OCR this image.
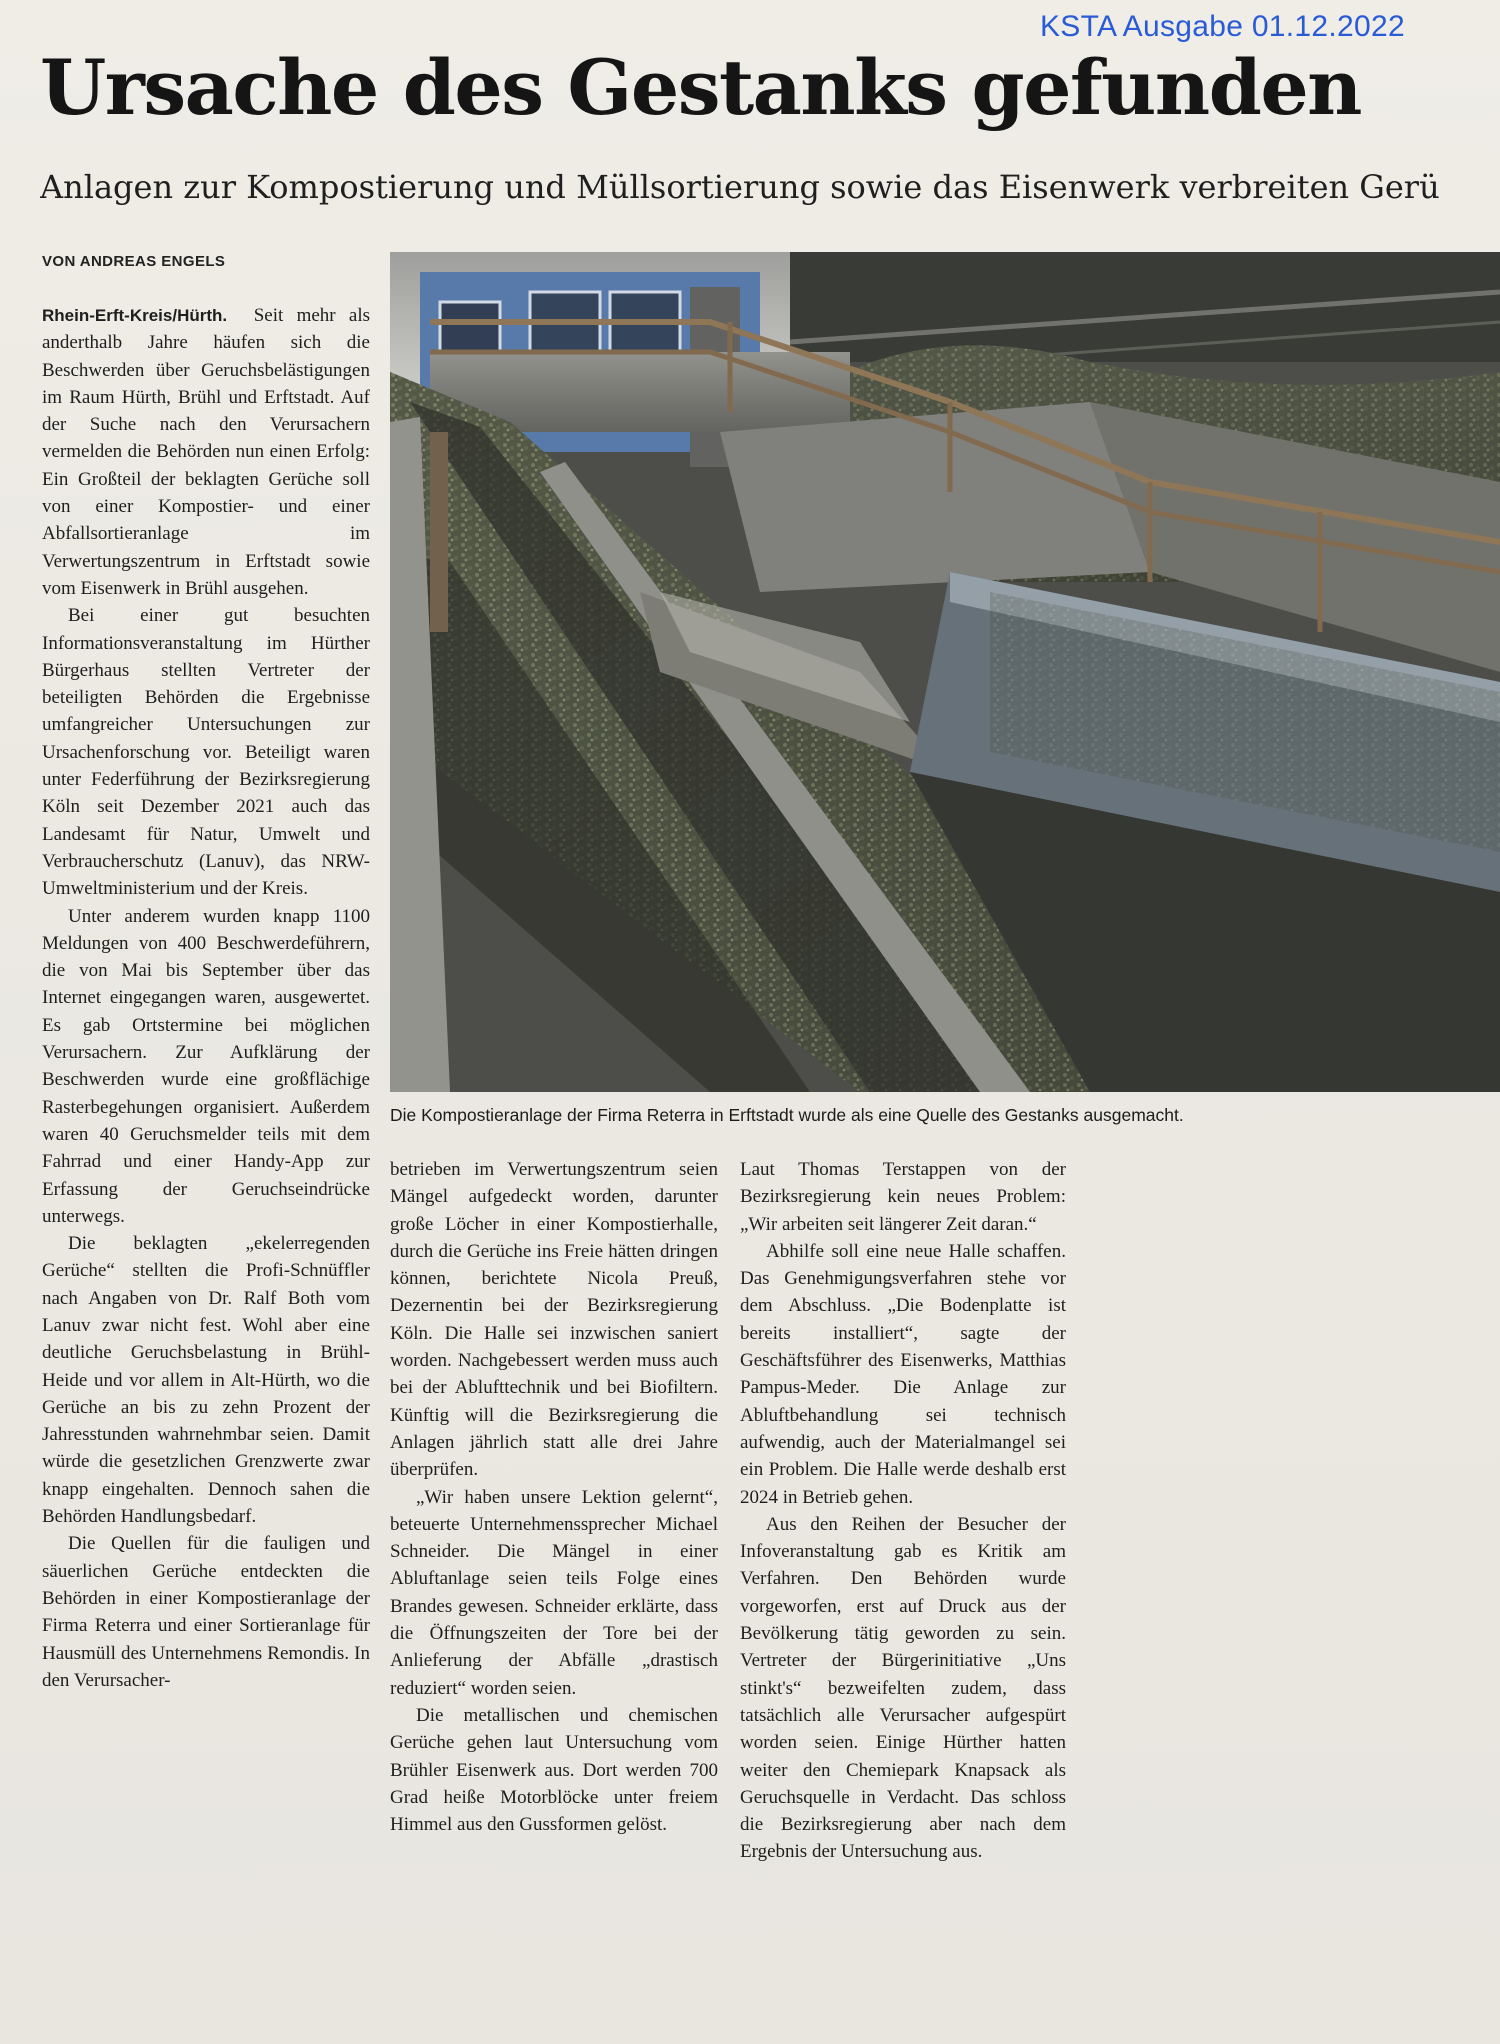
KSTA Ausgabe 01.12.2022
Ursache des Gestanks gefunden
Anlagen zur Kompostierung und Müllsortierung sowie das Eisenwerk verbreiten Gerü
VON ANDREAS ENGELS

Rhein-Erft-Kreis/Hürth. Seit mehr als anderthalb Jahre häufen sich die Beschwerden über Geruchsbelästigungen im Raum Hürth, Brühl und Erftstadt. Auf der Suche nach den Verursachern vermelden die Behörden nun einen Erfolg: Ein Großteil der beklagten Gerüche soll von einer Kompostier- und einer Abfallsortieranlage im Verwertungszentrum in Erftstadt sowie vom Eisenwerk in Brühl ausgehen.

Bei einer gut besuchten Informationsveranstaltung im Hürther Bürgerhaus stellten Vertreter der beteiligten Behörden die Ergebnisse umfangreicher Untersuchungen zur Ursachenforschung vor. Beteiligt waren unter Federführung der Bezirksregierung Köln seit Dezember 2021 auch das Landesamt für Natur, Umwelt und Verbraucherschutz (Lanuv), das NRW-Umweltministerium und der Kreis.

Unter anderem wurden knapp 1100 Meldungen von 400 Beschwerdeführern, die von Mai bis September über das Internet eingegangen waren, ausgewertet. Es gab Ortstermine bei möglichen Verursachern. Zur Aufklärung der Beschwerden wurde eine großflächige Rasterbegehungen organisiert. Außerdem waren 40 Geruchsmelder teils mit dem Fahrrad und einer Handy-App zur Erfassung der Geruchseindrücke unterwegs.

Die beklagten „ekelerregenden Gerüche“ stellten die Profi-Schnüffler nach Angaben von Dr. Ralf Both vom Lanuv zwar nicht fest. Wohl aber eine deutliche Geruchsbelastung in Brühl-Heide und vor allem in Alt-Hürth, wo die Gerüche an bis zu zehn Prozent der Jahresstunden wahrnehmbar seien. Damit würde die gesetzlichen Grenzwerte zwar knapp eingehalten. Dennoch sahen die Behörden Handlungsbedarf.

Die Quellen für die fauligen und säuerlichen Gerüche entdeckten die Behörden in einer Kompostieranlage der Firma Reterra und einer Sortieranlage für Hausmüll des Unternehmens Remondis. In den Verursacher-

Die Kompostieranlage der Firma Reterra in Erftstadt wurde als eine Quelle des Gestanks ausgemacht.

betrieben im Verwertungszentrum seien Mängel aufgedeckt worden, darunter große Löcher in einer Kompostierhalle, durch die Gerüche ins Freie hätten dringen können, berichtete Nicola Preuß, Dezernentin bei der Bezirksregierung Köln. Die Halle sei inzwischen saniert worden. Nachgebessert werden muss auch bei der Ablufttechnik und bei Biofiltern. Künftig will die Bezirksregierung die Anlagen jährlich statt alle drei Jahre überprüfen.

„Wir haben unsere Lektion gelernt“, beteuerte Unternehmenssprecher Michael Schneider. Die Mängel in einer Abluftanlage seien teils Folge eines Brandes gewesen. Schneider erklärte, dass die Öffnungszeiten der Tore bei der Anlieferung der Abfälle „drastisch reduziert“ worden seien.

Die metallischen und chemischen Gerüche gehen laut Untersuchung vom Brühler Eisenwerk aus. Dort werden 700 Grad heiße Motorblöcke unter freiem Himmel aus den Gussformen gelöst.

Laut Thomas Terstappen von der Bezirksregierung kein neues Problem: „Wir arbeiten seit längerer Zeit daran.“

Abhilfe soll eine neue Halle schaffen. Das Genehmigungsverfahren stehe vor dem Abschluss. „Die Bodenplatte ist bereits installiert“, sagte der Geschäftsführer des Eisenwerks, Matthias Pampus-Meder. Die Anlage zur Abluftbehandlung sei technisch aufwendig, auch der Materialmangel sei ein Problem. Die Halle werde deshalb erst 2024 in Betrieb gehen.

Aus den Reihen der Besucher der Infoveranstaltung gab es Kritik am Verfahren. Den Behörden wurde vorgeworfen, erst auf Druck aus der Bevölkerung tätig geworden zu sein. Vertreter der Bürgerinitiative „Uns stinkt's“ bezweifelten zudem, dass tatsächlich alle Verursacher aufgespürt worden seien. Einige Hürther hatten weiter den Chemiepark Knapsack als Geruchsquelle in Verdacht. Das schloss die Bezirksregierung aber nach dem Ergebnis der Untersuchung aus.
